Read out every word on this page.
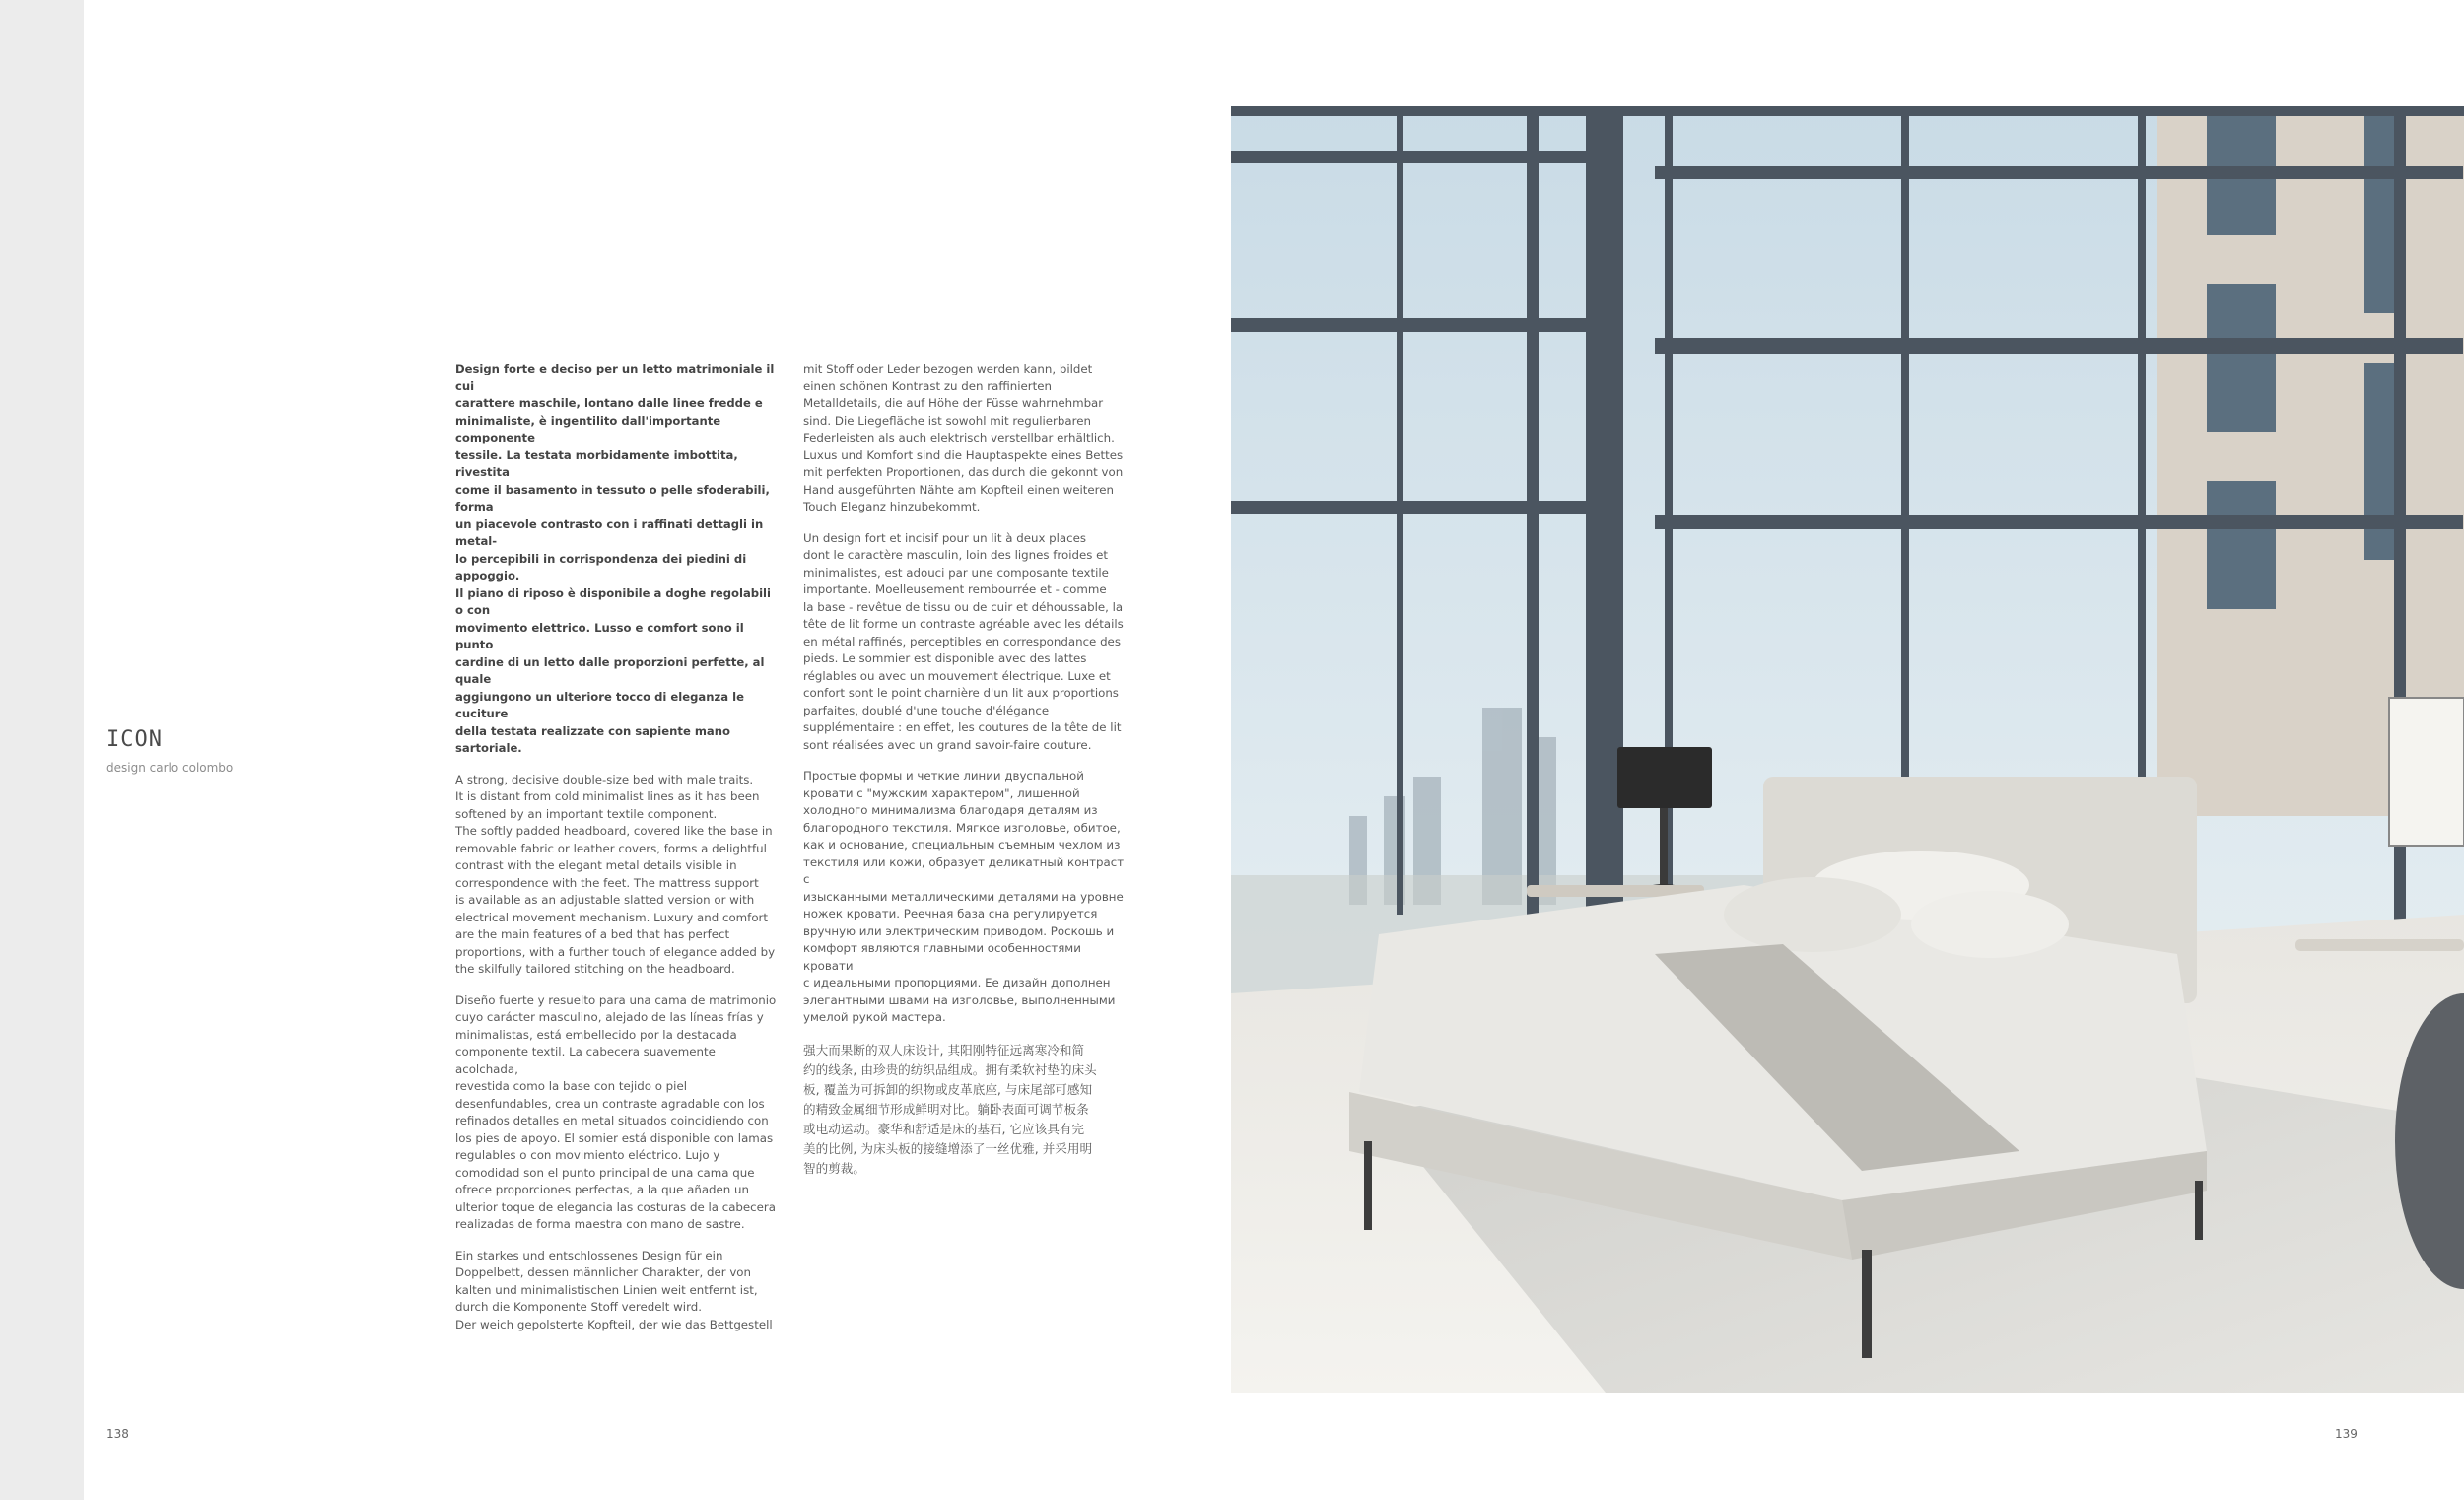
ICON
design carlo colombo

Design forte e deciso per un letto matrimoniale il cui
carattere maschile, lontano dalle linee fredde e
minimaliste, è ingentilito dall'importante componente
tessile. La testata morbidamente imbottita, rivestita
come il basamento in tessuto o pelle sfoderabili, forma
un piacevole contrasto con i raffinati dettagli in metal-
lo percepibili in corrispondenza dei piedini di appoggio.
Il piano di riposo è disponibile a doghe regolabili o con
movimento elettrico. Lusso e comfort sono il punto
cardine di un letto dalle proporzioni perfette, al quale
aggiungono un ulteriore tocco di eleganza le cuciture
della testata realizzate con sapiente mano sartoriale.

A strong, decisive double-size bed with male traits.
It is distant from cold minimalist lines as it has been
softened by an important textile component.
The softly padded headboard, covered like the base in
removable fabric or leather covers, forms a delightful
contrast with the elegant metal details visible in
correspondence with the feet. The mattress support
is available as an adjustable slatted version or with
electrical movement mechanism. Luxury and comfort
are the main features of a bed that has perfect
proportions, with a further touch of elegance added by
the skilfully tailored stitching on the headboard.

Diseño fuerte y resuelto para una cama de matrimonio
cuyo carácter masculino, alejado de las líneas frías y
minimalistas, está embellecido por la destacada
componente textil. La cabecera suavemente acolchada,
revestida como la base con tejido o piel
desenfundables, crea un contraste agradable con los
refinados detalles en metal situados coincidiendo con
los pies de apoyo. El somier está disponible con lamas
regulables o con movimiento eléctrico. Lujo y
comodidad son el punto principal de una cama que
ofrece proporciones perfectas, a la que añaden un
ulterior toque de elegancia las costuras de la cabecera
realizadas de forma maestra con mano de sastre.

Ein starkes und entschlossenes Design für ein
Doppelbett, dessen männlicher Charakter, der von
kalten und minimalistischen Linien weit entfernt ist,
durch die Komponente Stoff veredelt wird.
Der weich gepolsterte Kopfteil, der wie das Bettgestell

mit Stoff oder Leder bezogen werden kann, bildet
einen schönen Kontrast zu den raffinierten
Metalldetails, die auf Höhe der Füsse wahrnehmbar
sind. Die Liegefläche ist sowohl mit regulierbaren
Federleisten als auch elektrisch verstellbar erhältlich.
Luxus und Komfort sind die Hauptaspekte eines Bettes
mit perfekten Proportionen, das durch die gekonnt von
Hand ausgeführten Nähte am Kopfteil einen weiteren
Touch Eleganz hinzubekommt.

Un design fort et incisif pour un lit à deux places
dont le caractère masculin, loin des lignes froides et
minimalistes, est adouci par une composante textile
importante. Moelleusement rembourrée et - comme
la base - revêtue de tissu ou de cuir et déhoussable, la
tête de lit forme un contraste agréable avec les détails
en métal raffinés, perceptibles en correspondance des
pieds. Le sommier est disponible avec des lattes
réglables ou avec un mouvement électrique. Luxe et
confort sont le point charnière d'un lit aux proportions
parfaites, doublé d'une touche d'élégance
supplémentaire : en effet, les coutures de la tête de lit
sont réalisées avec un grand savoir-faire couture.

Простые формы и четкие линии двуспальной
кровати с "мужским характером", лишенной
холодного минимализма благодаря деталям из
благородного текстиля. Мягкое изголовье, обитое,
как и основание, специальным съемным чехлом из
текстиля или кожи, образует деликатный контраст с
изысканными металлическими деталями на уровне
ножек кровати. Реечная база сна регулируется
вручную или электрическим приводом. Роскошь и
комфорт являются главными особенностями кровати
с идеальными пропорциями. Ее дизайн дополнен
элегантными швами на изголовье, выполненными
умелой рукой мастера.

强大而果断的双人床设计, 其阳刚特征远离寒冷和简
约的线条, 由珍贵的纺织品组成。拥有柔软衬垫的床头
板, 覆盖为可拆卸的织物或皮革底座, 与床尾部可感知
的精致金属细节形成鲜明对比。躺卧表面可调节板条
或电动运动。豪华和舒适是床的基石, 它应该具有完
美的比例, 为床头板的接缝增添了一丝优雅, 并采用明
智的剪裁。

138	139
